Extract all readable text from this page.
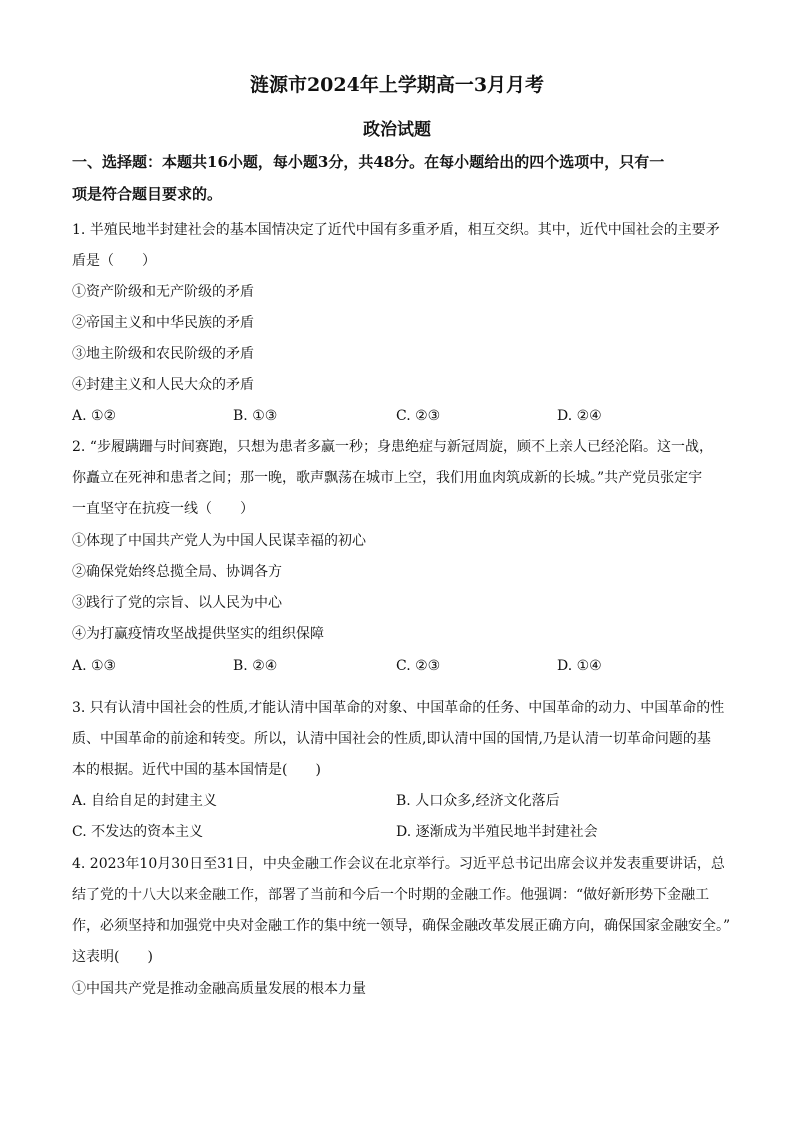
涟源市2024年上学期高一3月月考
政治试题
一、选择题：本题共16小题，每小题3分，共48分。在每小题给出的四个选项中，只有一
项是符合题目要求的。
1. 半殖民地半封建社会的基本国情决定了近代中国有多重矛盾，相互交织。其中，近代中国社会的主要矛
盾是（　　）
①资产阶级和无产阶级的矛盾
②帝国主义和中华民族的矛盾
③地主阶级和农民阶级的矛盾
④封建主义和人民大众的矛盾
A. ①②	B. ①③	C. ②③	D. ②④
2. “步履蹒跚与时间赛跑，只想为患者多赢一秒；身患绝症与新冠周旋，顾不上亲人已经沦陷。这一战，
你矗立在死神和患者之间；那一晚，歌声飘荡在城市上空，我们用血肉筑成新的长城。”共产党员张定宇
一直坚守在抗疫一线（　　）
①体现了中国共产党人为中国人民谋幸福的初心
②确保党始终总揽全局、协调各方
③践行了党的宗旨、以人民为中心
④为打赢疫情攻坚战提供坚实的组织保障
A. ①③	B. ②④	C. ②③	D. ①④
3. 只有认清中国社会的性质,才能认清中国革命的对象、中国革命的任务、中国革命的动力、中国革命的性
质、中国革命的前途和转变。所以，认清中国社会的性质,即认清中国的国情,乃是认清一切革命问题的基
本的根据。近代中国的基本国情是(　　)
A. 自给自足的封建主义	B. 人口众多,经济文化落后
C. 不发达的资本主义	D. 逐渐成为半殖民地半封建社会
4. 2023年10月30日至31日，中央金融工作会议在北京举行。习近平总书记出席会议并发表重要讲话，总
结了党的十八大以来金融工作，部署了当前和今后一个时期的金融工作。他强调：“做好新形势下金融工
作，必须坚持和加强党中央对金融工作的集中统一领导，确保金融改革发展正确方向，确保国家金融安全。”
这表明(　　)
①中国共产党是推动金融高质量发展的根本力量
